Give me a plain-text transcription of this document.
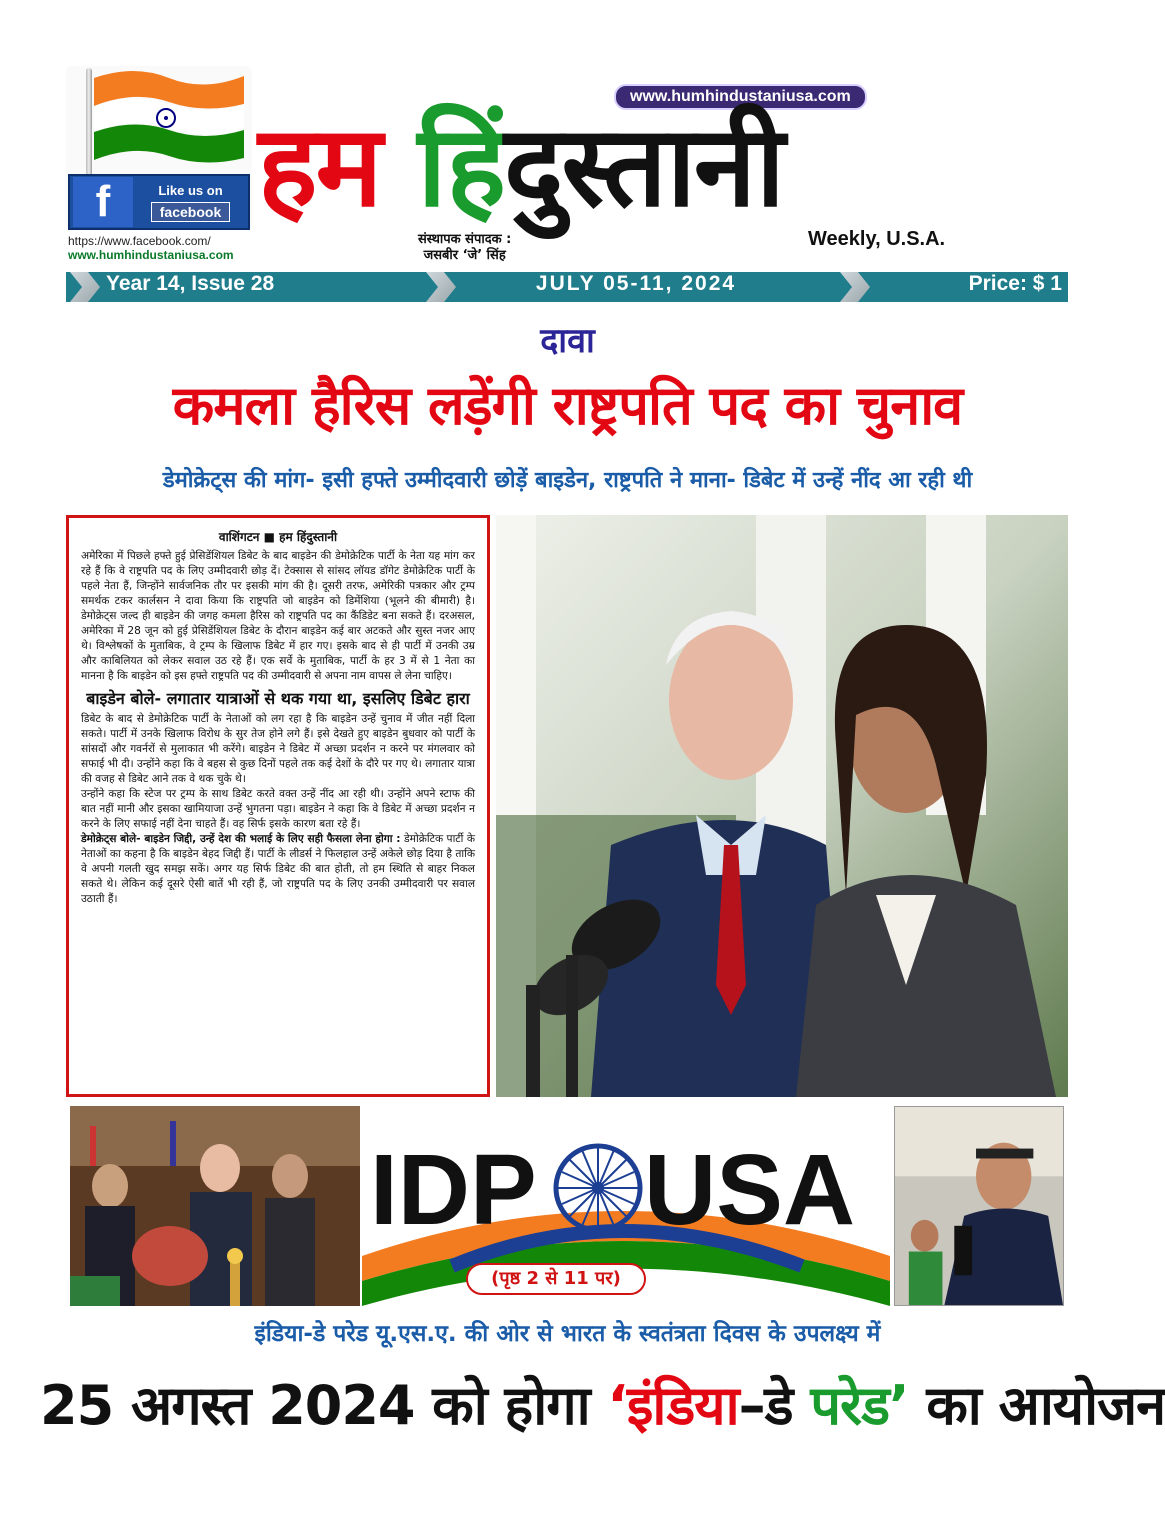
f	Like us on
facebook
https://www.facebook.com/
www.humhindustaniusa.com
www.humhindustaniusa.com
हम हिंदुस्तानी
संस्थापक संपादक :
जसबीर ‘जे’ सिंह
Weekly, U.S.A.
Year 14, Issue 28	JULY 05-11, 2024	Price: $ 1
दावा
कमला हैरिस लड़ेंगी राष्ट्रपति पद का चुनाव
डेमोक्रेट्स की मांग- इसी हफ्ते उम्मीदवारी छोड़ें बाइडेन, राष्ट्रपति ने माना- डिबेट में उन्हें नींद आ रही थी
वाशिंगटन ■ हम हिंदुस्तानी

अमेरिका में पिछले हफ्ते हुई प्रेसिडेंशियल डिबेट के बाद बाइडेन की डेमोक्रेटिक पार्टी के नेता यह मांग कर रहे हैं कि वे राष्ट्रपति पद के लिए उम्मीदवारी छोड़ दें। टेक्सास से सांसद लॉयड डॉगेट डेमोक्रेटिक पार्टी के पहले नेता हैं, जिन्होंने सार्वजनिक तौर पर इसकी मांग की है। दूसरी तरफ, अमेरिकी पत्रकार और ट्रम्प समर्थक टकर कार्लसन ने दावा किया कि राष्ट्रपति जो बाइडेन को डिमेंशिया (भूलने की बीमारी) है। डेमोक्रेट्स जल्द ही बाइडेन की जगह कमला हैरिस को राष्ट्रपति पद का कैंडिडेट बना सकते हैं। दरअसल, अमेरिका में 28 जून को हुई प्रेसिडेंशियल डिबेट के दौरान बाइडेन कई बार अटकते और सुस्त नजर आए थे। विश्लेषकों के मुताबिक, वे ट्रम्प के खिलाफ डिबेट में हार गए। इसके बाद से ही पार्टी में उनकी उम्र और काबिलियत को लेकर सवाल उठ रहे हैं। एक सर्वे के मुताबिक, पार्टी के हर 3 में से 1 नेता का मानना है कि बाइडेन को इस हफ्ते राष्ट्रपति पद की उम्मीदवारी से अपना नाम वापस ले लेना चाहिए।

बाइडेन बोले- लगातार यात्राओं से थक गया था, इसलिए डिबेट हारा

डिबेट के बाद से डेमोक्रेटिक पार्टी के नेताओं को लग रहा है कि बाइडेन उन्हें चुनाव में जीत नहीं दिला सकते। पार्टी में उनके खिलाफ विरोध के सुर तेज होने लगे हैं। इसे देखते हुए बाइडेन बुधवार को पार्टी के सांसदों और गवर्नरों से मुलाकात भी करेंगे। बाइडेन ने डिबेट में अच्छा प्रदर्शन न करने पर मंगलवार को सफाई भी दी। उन्होंने कहा कि वे बहस से कुछ दिनों पहले तक कई देशों के दौरे पर गए थे। लगातार यात्रा की वजह से डिबेट आने तक वे थक चुके थे।

उन्होंने कहा कि स्टेज पर ट्रम्प के साथ डिबेट करते वक्त उन्हें नींद आ रही थी। उन्होंने अपने स्टाफ की बात नहीं मानी और इसका खामियाजा उन्हें भुगतना पड़ा। बाइडेन ने कहा कि वे डिबेट में अच्छा प्रदर्शन न करने के लिए सफाई नहीं देना चाहते हैं। वह सिर्फ इसके कारण बता रहे हैं।

डेमोक्रेट्स बोले- बाइडेन जिद्दी, उन्हें देश की भलाई के लिए सही फैसला लेना होगा : डेमोक्रेटिक पार्टी के नेताओं का कहना है कि बाइडेन बेहद जिद्दी हैं। पार्टी के लीडर्स ने फिलहाल उन्हें अकेले छोड़ दिया है ताकि वे अपनी गलती खुद समझ सकें। अगर यह सिर्फ डिबेट की बात होती, तो हम स्थिति से बाहर निकल सकते थे। लेकिन कई दूसरे ऐसी बातें भी रही हैं, जो राष्ट्रपति पद के लिए उनकी उम्मीदवारी पर सवाल उठाती हैं।

IDP USA
(पृष्ठ 2 से 11 पर)
इंडिया-डे परेड यू.एस.ए. की ओर से भारत के स्वतंत्रता दिवस के उपलक्ष्य में
25 अगस्त 2024 को होगा ‘इंडिया–डे परेड’ का आयोजन
